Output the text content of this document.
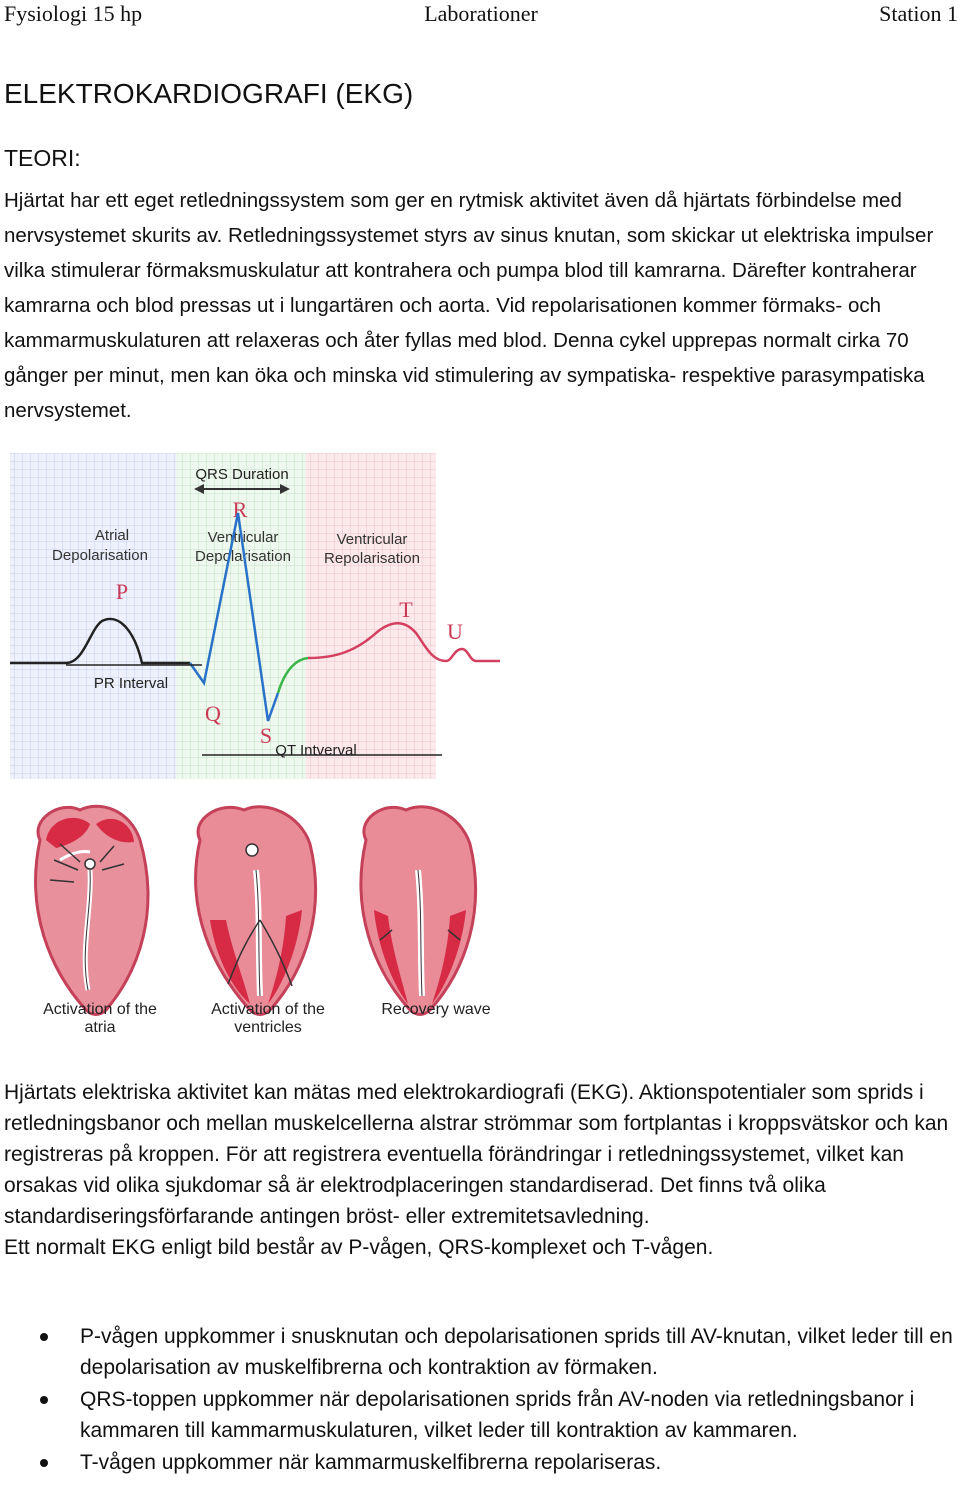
Fysiologi 15 hp	Laborationer	Station 1
ELEKTROKARDIOGRAFI (EKG)
TEORI:

Hjärtat har ett eget retledningssystem som ger en rytmisk aktivitet även då hjärtats förbindelse med nervsystemet skurits av. Retledningssystemet styrs av sinus knutan, som skickar ut elektriska impulser vilka stimulerar förmaksmuskulatur att kontrahera och pumpa blod till kamrarna. Därefter kontraherar kamrarna och blod pressas ut i lungartären och aorta. Vid repolarisationen kommer förmaks- och kammarmuskulaturen att relaxeras och åter fyllas med blod. Denna cykel upprepas normalt cirka 70 gånger per minut, men kan öka och minska vid stimulering av sympatiska- respektive parasympatiska nervsystemet.

QRS Duration
Atrial
Depolarisation
Ventricular
Depolarisation
Ventricular
Repolarisation
P
R
Q
S
T
U
PR Interval
QT Intverval
Activation of the
atria
Activation of the
ventricles
Recovery wave
Hjärtats elektriska aktivitet kan mätas med elektrokardiografi (EKG). Aktionspotentialer som sprids i retledningsbanor och mellan muskelcellerna alstrar strömmar som fortplantas i kroppsvätskor och kan registreras på kroppen. För att registrera eventuella förändringar i retledningssystemet, vilket kan orsakas vid olika sjukdomar så är elektrodplaceringen standardiserad. Det finns två olika standardiseringsförfarande antingen bröst- eller extremitetsavledning.
Ett normalt EKG enligt bild består av P-vågen, QRS-komplexet och T-vågen.
P-vågen uppkommer i snusknutan och depolarisationen sprids till AV-knutan, vilket leder till en depolarisation av muskelfibrerna och kontraktion av förmaken.
QRS-toppen uppkommer när depolarisationen sprids från AV-noden via retledningsbanor i kammaren till kammarmuskulaturen, vilket leder till kontraktion av kammaren.
T-vågen uppkommer när kammarmuskelfibrerna repolariseras.
